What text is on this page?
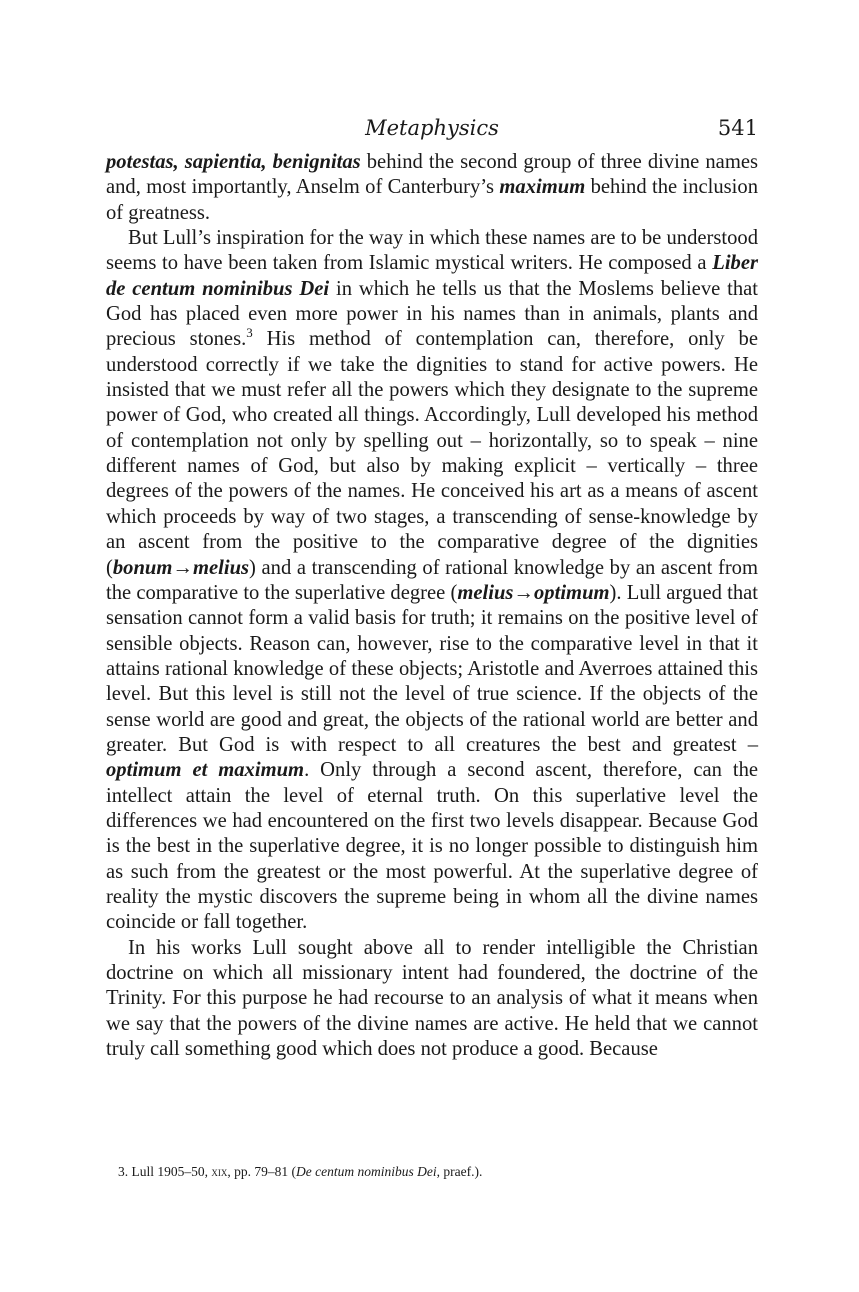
Metaphysics	541

potestas, sapientia, benignitas behind the second group of three divine names and, most importantly, Anselm of Canterbury’s maximum behind the inclusion of greatness.

But Lull’s inspiration for the way in which these names are to be understood seems to have been taken from Islamic mystical writers. He composed a Liber de centum nominibus Dei in which he tells us that the Moslems believe that God has placed even more power in his names than in animals, plants and precious stones.$^3$ His method of contemplation can, therefore, only be understood correctly if we take the dignities to stand for active powers. He insisted that we must refer all the powers which they designate to the supreme power of God, who created all things. Accordingly, Lull developed his method of contemplation not only by spelling out – horizontally, so to speak – nine different names of God, but also by making explicit – vertically – three degrees of the powers of the names. He conceived his art as a means of ascent which proceeds by way of two stages, a transcending of sense-knowledge by an ascent from the positive to the comparative degree of the dignities (bonum→melius) and a transcending of rational knowledge by an ascent from the comparative to the superlative degree (melius→optimum). Lull argued that sensation cannot form a valid basis for truth; it remains on the positive level of sensible objects. Reason can, however, rise to the comparative level in that it attains rational knowledge of these objects; Aristotle and Averroes attained this level. But this level is still not the level of true science. If the objects of the sense world are good and great, the objects of the rational world are better and greater. But God is with respect to all creatures the best and greatest – optimum et maximum. Only through a second ascent, therefore, can the intellect attain the level of eternal truth. On this superlative level the differences we had encountered on the first two levels disappear. Because God is the best in the superlative degree, it is no longer possible to distinguish him as such from the greatest or the most powerful. At the superlative degree of reality the mystic discovers the supreme being in whom all the divine names coincide or fall together.

In his works Lull sought above all to render intelligible the Christian doctrine on which all missionary intent had foundered, the doctrine of the Trinity. For this purpose he had recourse to an analysis of what it means when we say that the powers of the divine names are active. He held that we cannot truly call something good which does not produce a good. Because

3. Lull 1905–50, xix, pp. 79–81 (De centum nominibus Dei, praef.).
